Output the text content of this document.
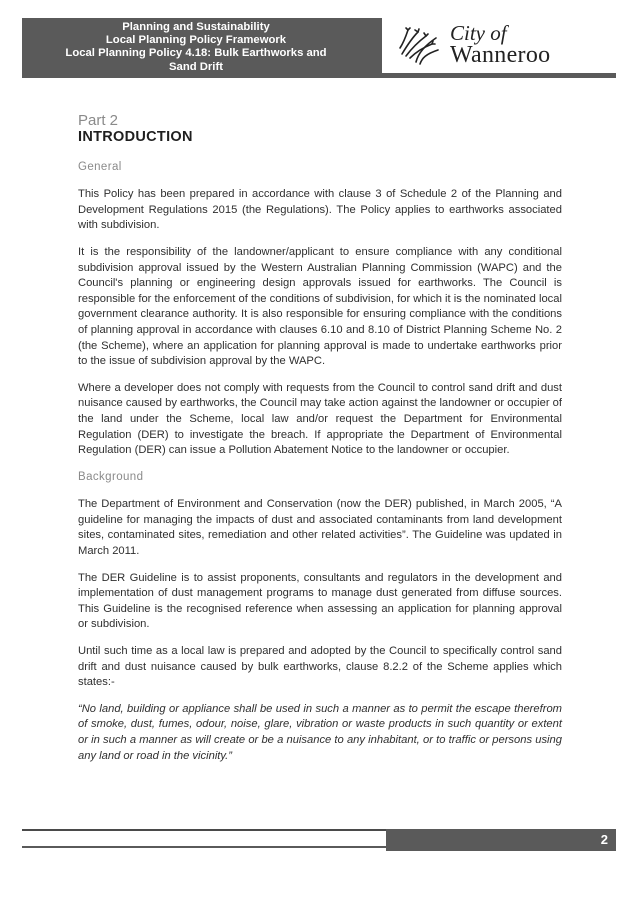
Planning and Sustainability
Local Planning Policy Framework
Local Planning Policy 4.18: Bulk Earthworks and
Sand Drift
City of
Wanneroo
Part 2
INTRODUCTION
General

This Policy has been prepared in accordance with clause 3 of Schedule 2 of the Planning and Development Regulations 2015 (the Regulations). The Policy applies to earthworks associated with subdivision.

It is the responsibility of the landowner/applicant to ensure compliance with any conditional subdivision approval issued by the Western Australian Planning Commission (WAPC) and the Council's planning or engineering design approvals issued for earthworks. The Council is responsible for the enforcement of the conditions of subdivision, for which it is the nominated local government clearance authority. It is also responsible for ensuring compliance with the conditions of planning approval in accordance with clauses 6.10 and 8.10 of District Planning Scheme No. 2 (the Scheme), where an application for planning approval is made to undertake earthworks prior to the issue of subdivision approval by the WAPC.

Where a developer does not comply with requests from the Council to control sand drift and dust nuisance caused by earthworks, the Council may take action against the landowner or occupier of the land under the Scheme, local law and/or request the Department for Environmental Regulation (DER) to investigate the breach. If appropriate the Department of Environmental Regulation (DER) can issue a Pollution Abatement Notice to the landowner or occupier.

Background

The Department of Environment and Conservation (now the DER) published, in March 2005, “A guideline for managing the impacts of dust and associated contaminants from land development sites, contaminated sites, remediation and other related activities”. The Guideline was updated in March 2011.

The DER Guideline is to assist proponents, consultants and regulators in the development and implementation of dust management programs to manage dust generated from diffuse sources. This Guideline is the recognised reference when assessing an application for planning approval or subdivision.

Until such time as a local law is prepared and adopted by the Council to specifically control sand drift and dust nuisance caused by bulk earthworks, clause 8.2.2 of the Scheme applies which states:-

“No land, building or appliance shall be used in such a manner as to permit the escape therefrom of smoke, dust, fumes, odour, noise, glare, vibration or waste products in such quantity or extent or in such a manner as will create or be a nuisance to any inhabitant, or to traffic or persons using any land or road in the vicinity.”

2
